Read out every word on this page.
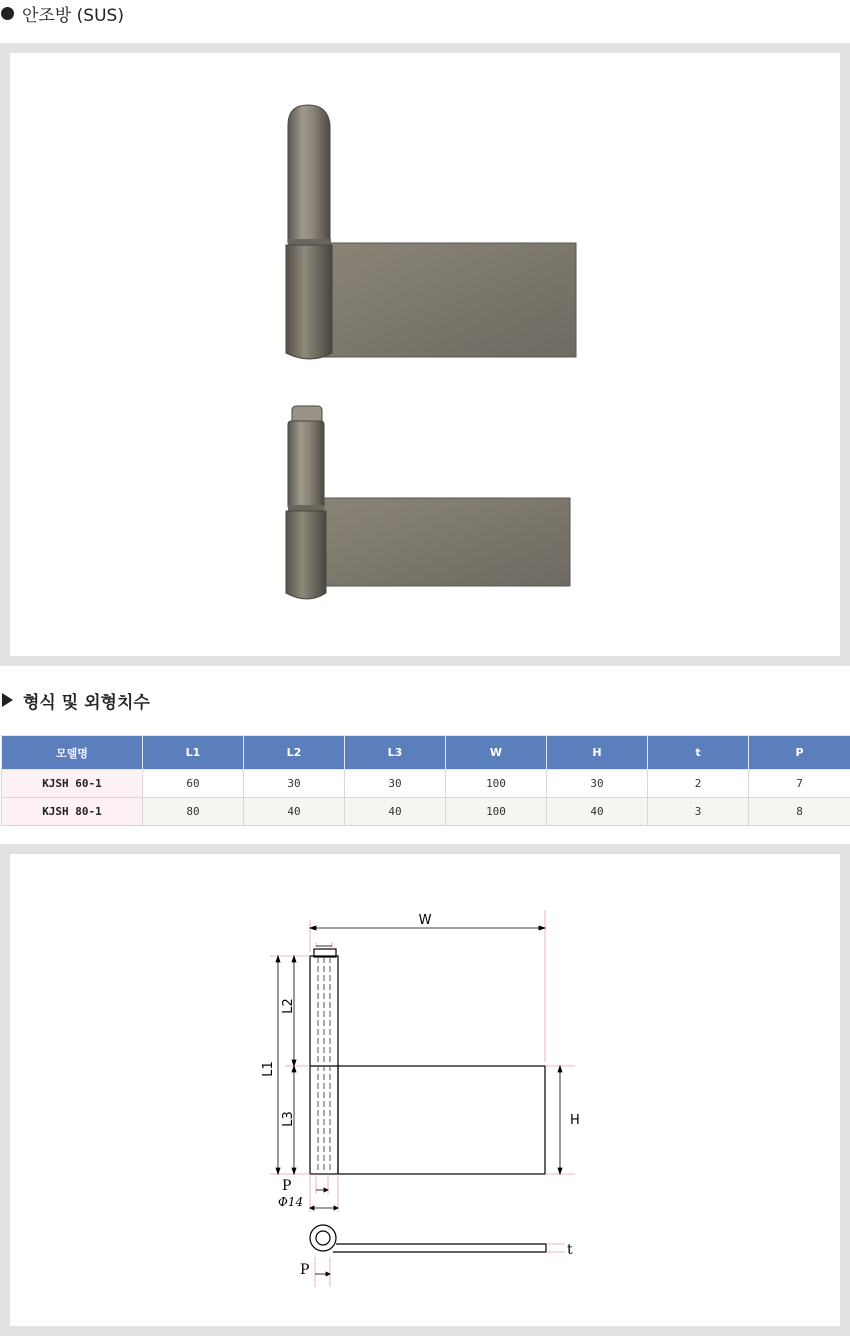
안조방 (SUS)
형식 및 외형치수
모델명	L1	L2	L3	W	H	t	P
KJSH 60-1	60	30	30	100	30	2	7
KJSH 80-1	80	40	40	100	40	3	8
W
L1
L2
L3	H
P
Φ14
t
P
